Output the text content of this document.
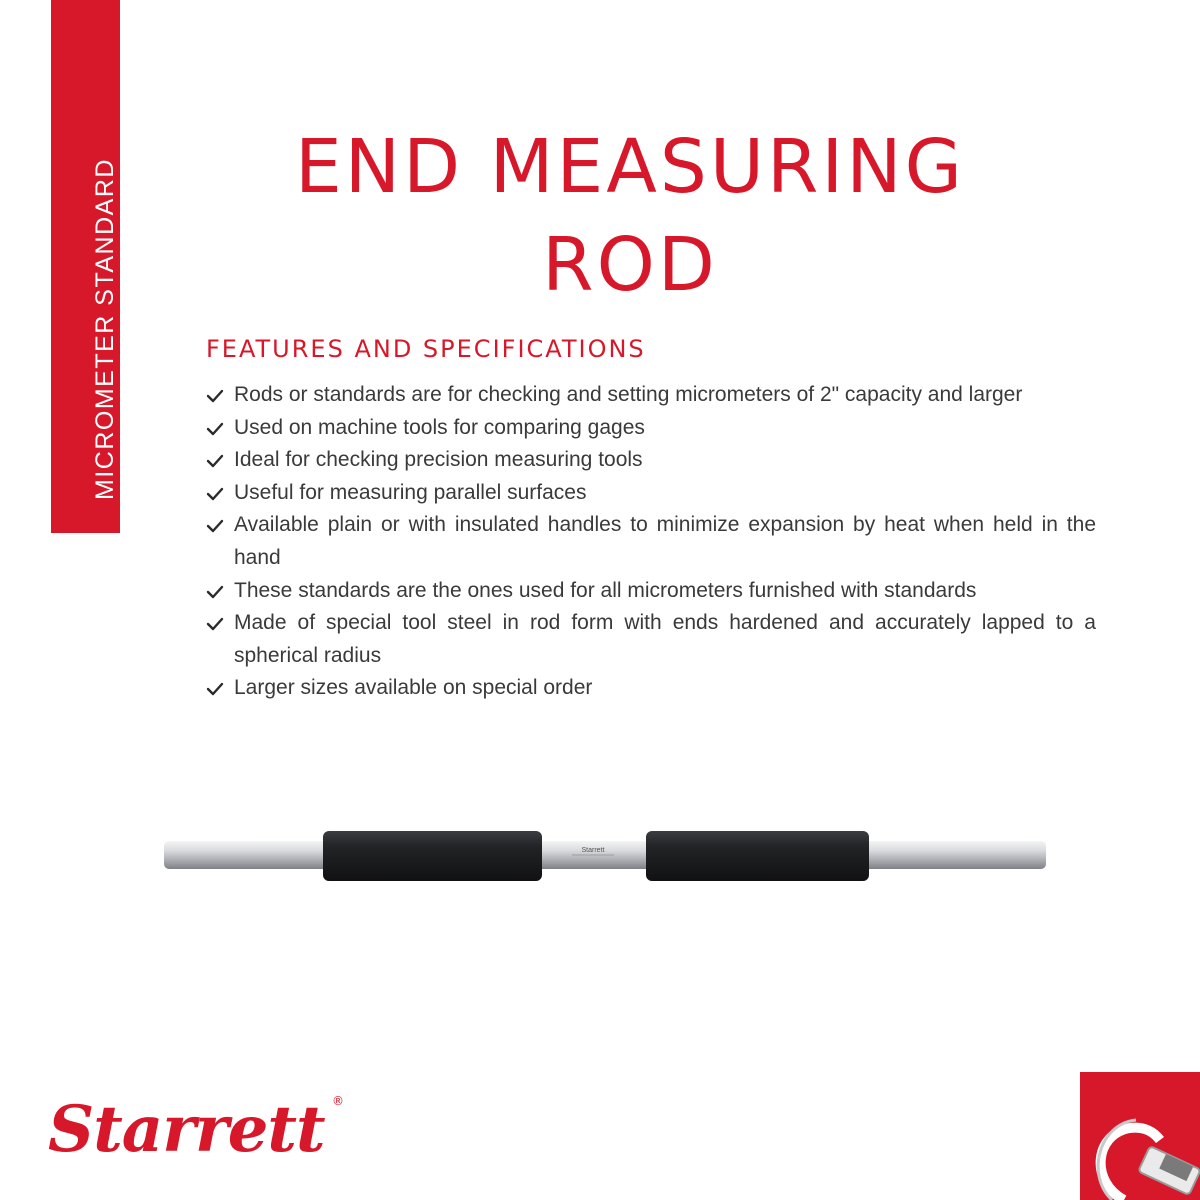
MICROMETER STANDARD	END MEASURING
ROD
FEATURES AND SPECIFICATIONS
Rods or standards are for checking and setting micrometers of 2" capacity and larger
Used on machine tools for comparing gages
Ideal for checking precision measuring tools
Useful for measuring parallel surfaces
Available plain or with insulated handles to minimize expansion by heat when held in the hand
These standards are the ones used for all micrometers furnished with standards
Made of special tool steel in rod form with ends hardened and accurately lapped to a spherical radius
Larger sizes available on special order
Starrett
Starrett ®
